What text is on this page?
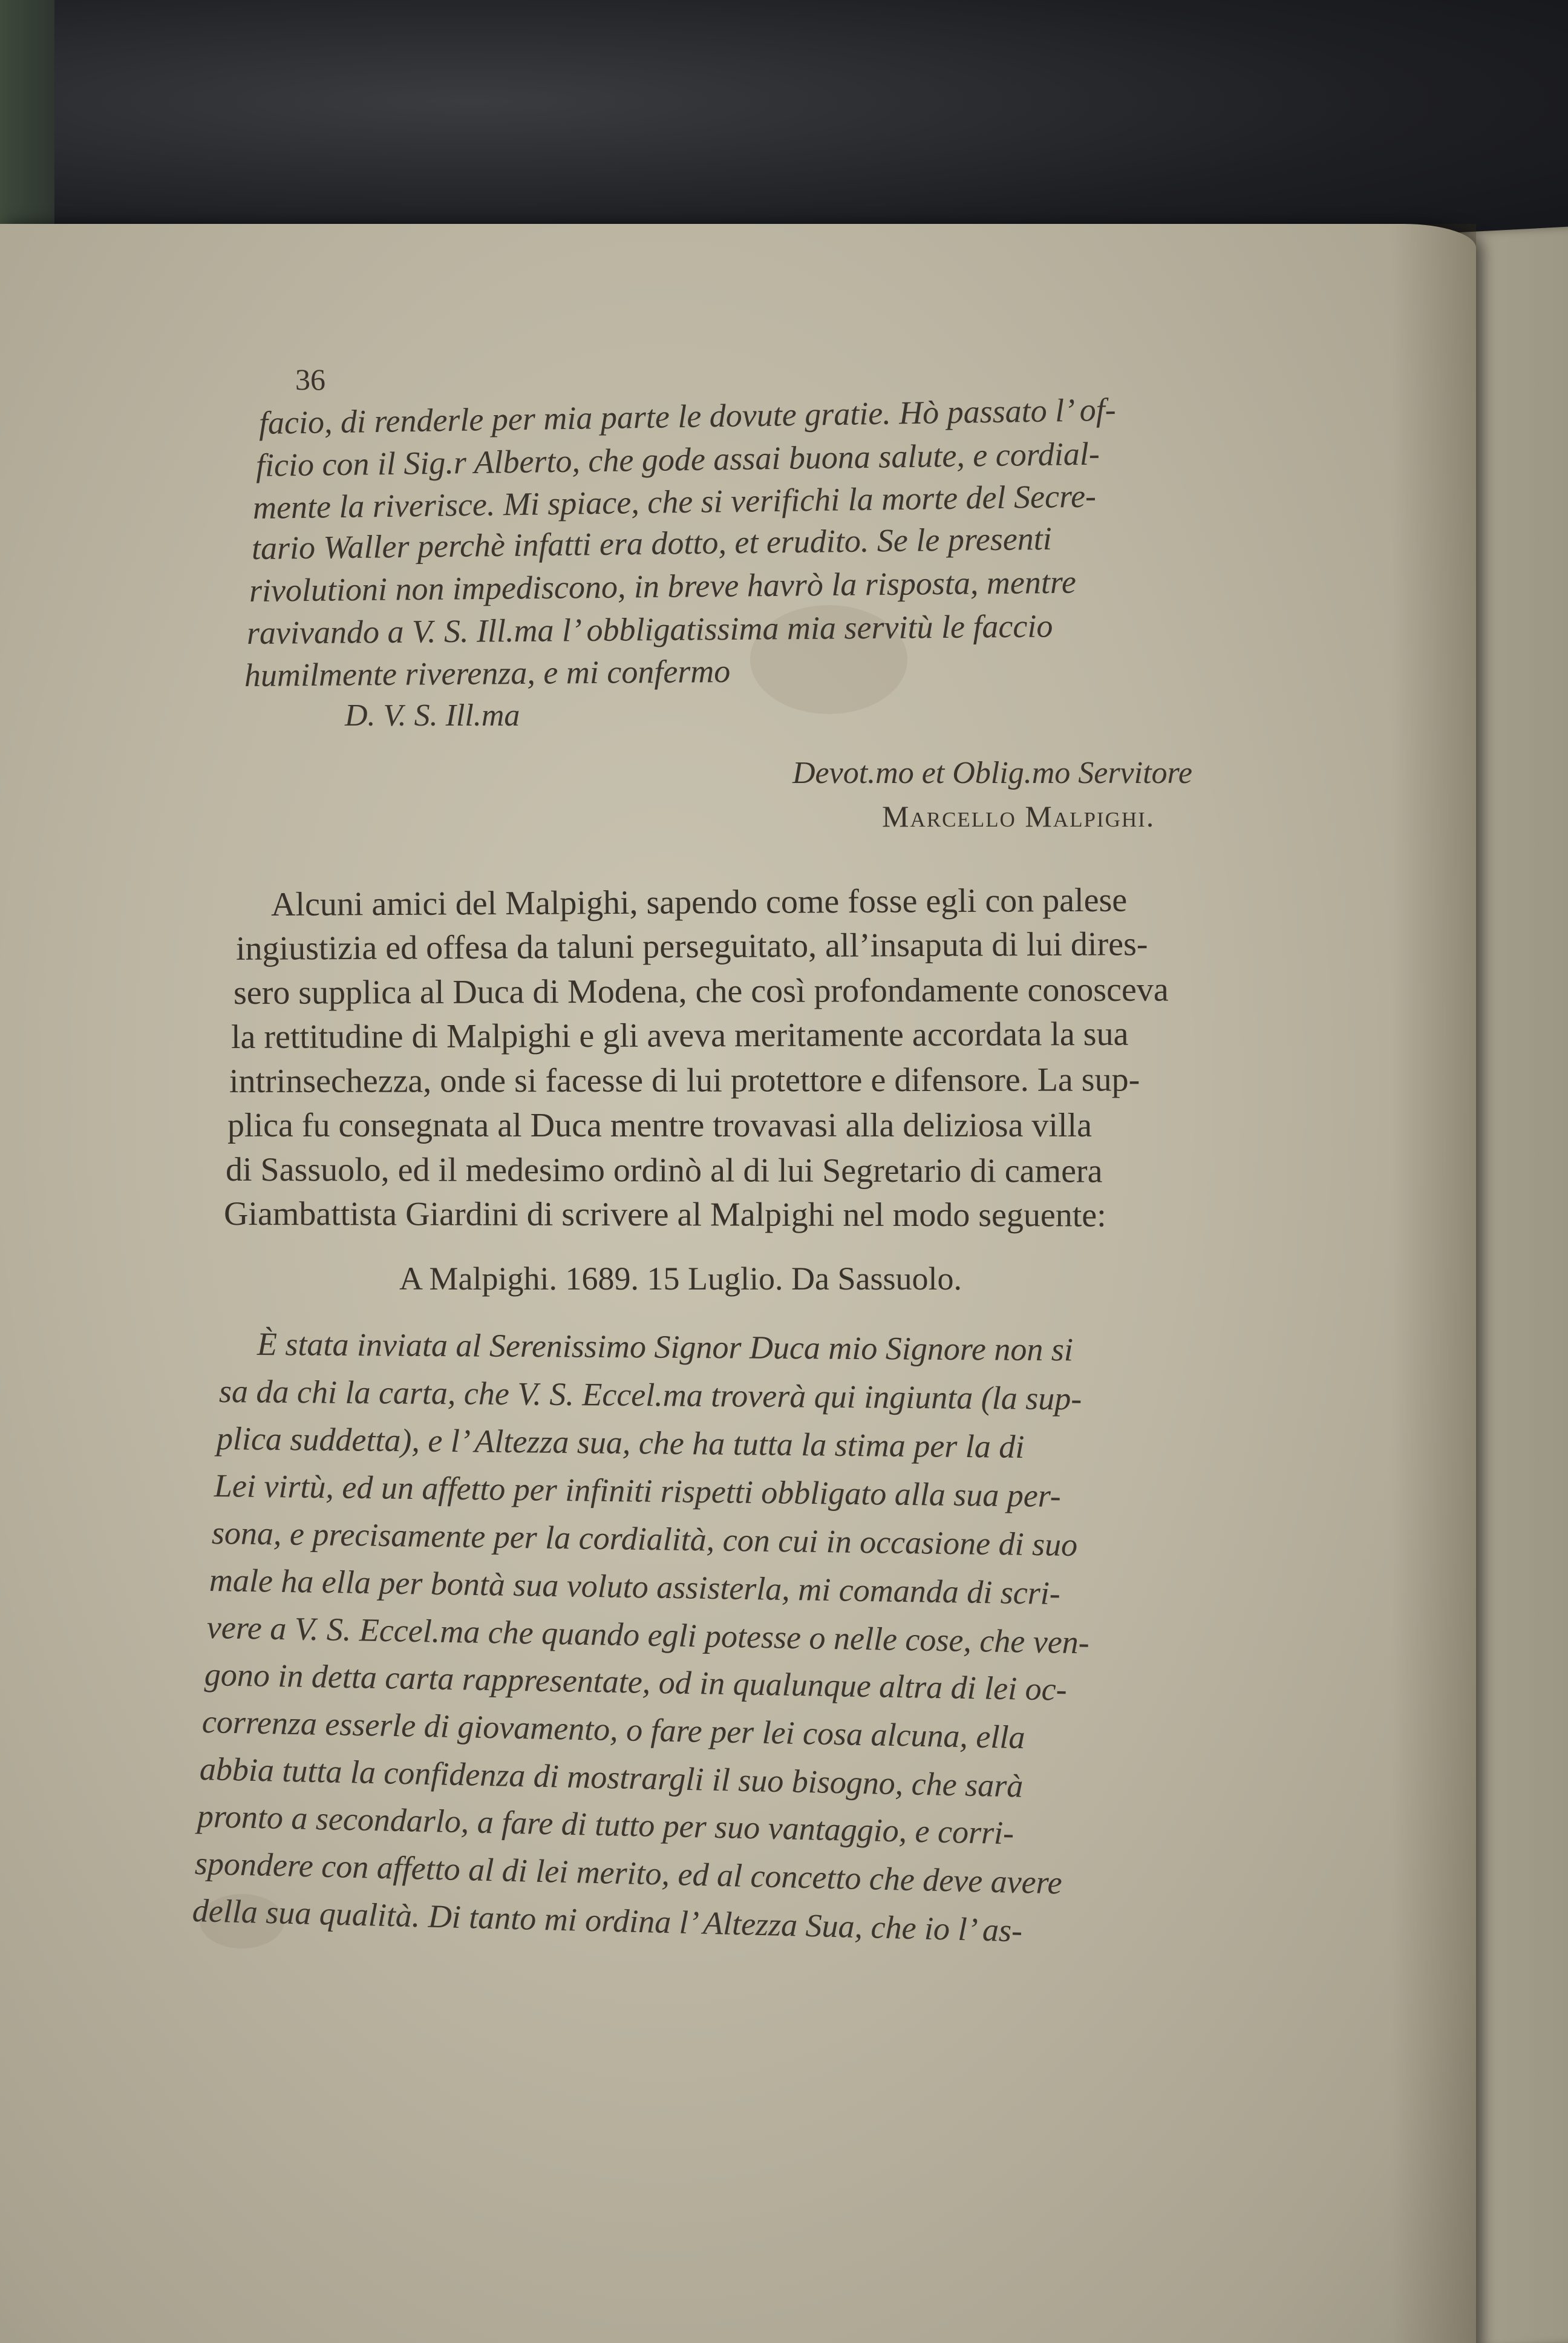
36
facio, di renderle per mia parte le dovute gratie. Hò passato l’ of-
ficio con il Sig.r Alberto, che gode assai buona salute, e cordial-
mente la riverisce. Mi spiace, che si verifichi la morte del Secre-
tario Waller perchè infatti era dotto, et erudito. Se le presenti
rivolutioni non impediscono, in breve havrò la risposta, mentre
ravivando a V. S. Ill.ma l’ obbligatissima mia servitù le faccio
humilmente riverenza, e mi confermo
D. V. S. Ill.ma
Devot.mo et Oblig.mo Servitore
Marcello Malpighi.
Alcuni amici del Malpighi, sapendo come fosse egli con palese
ingiustizia ed offesa da taluni perseguitato, all’insaputa di lui dires-
sero supplica al Duca di Modena, che così profondamente conosceva
la rettitudine di Malpighi e gli aveva meritamente accordata la sua
intrinsechezza, onde si facesse di lui protettore e difensore. La sup-
plica fu consegnata al Duca mentre trovavasi alla deliziosa villa
di Sassuolo, ed il medesimo ordinò al di lui Segretario di camera
Giambattista Giardini di scrivere al Malpighi nel modo seguente:
A Malpighi. 1689. 15 Luglio. Da Sassuolo.
È stata inviata al Serenissimo Signor Duca mio Signore non si
sa da chi la carta, che V. S. Eccel.ma troverà qui ingiunta (la sup-
plica suddetta), e l’ Altezza sua, che ha tutta la stima per la di
Lei virtù, ed un affetto per infiniti rispetti obbligato alla sua per-
sona, e precisamente per la cordialità, con cui in occasione di suo
male ha ella per bontà sua voluto assisterla, mi comanda di scri-
vere a V. S. Eccel.ma che quando egli potesse o nelle cose, che ven-
gono in detta carta rappresentate, od in qualunque altra di lei oc-
correnza esserle di giovamento, o fare per lei cosa alcuna, ella
abbia tutta la confidenza di mostrargli il suo bisogno, che sarà
pronto a secondarlo, a fare di tutto per suo vantaggio, e corri-
spondere con affetto al di lei merito, ed al concetto che deve avere
della sua qualità. Di tanto mi ordina l’ Altezza Sua, che io l’ as-
